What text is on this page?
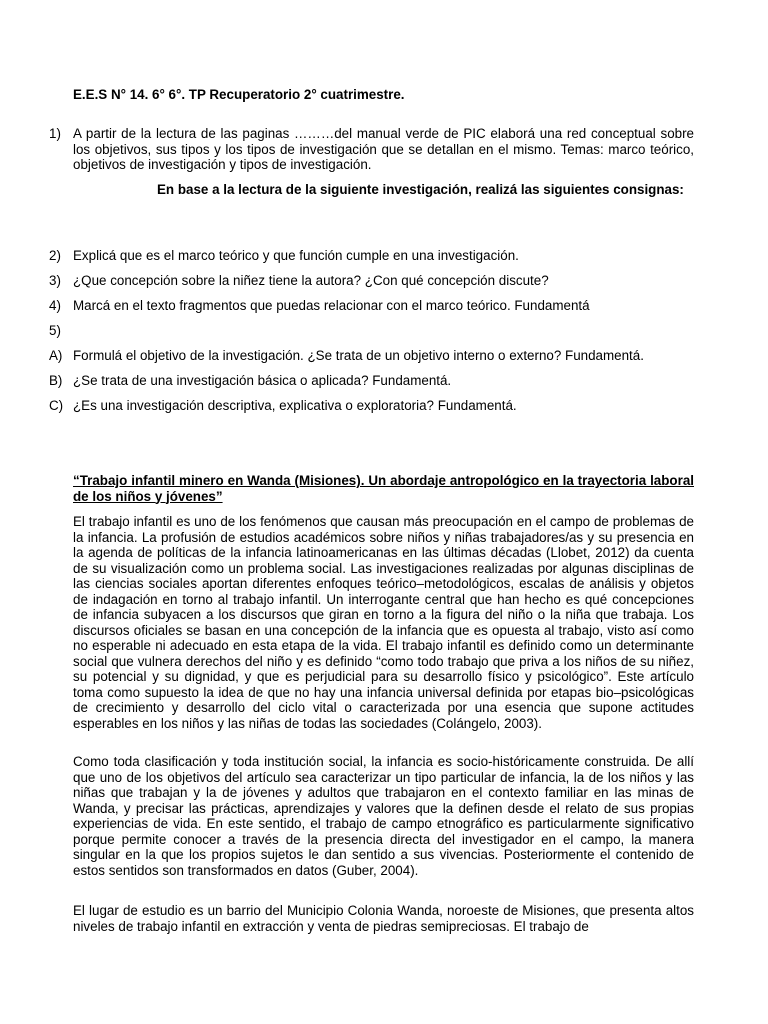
E.E.S N° 14. 6° 6°. TP Recuperatorio 2° cuatrimestre.
1) A partir de la lectura de las paginas ………del manual verde de PIC elaborá una red conceptual sobre los objetivos, sus tipos y los tipos de investigación que se detallan en el mismo. Temas: marco teórico, objetivos de investigación y tipos de investigación.
En base a la lectura de la siguiente investigación, realizá las siguientes consignas:
2) Explicá que es el marco teórico y que función cumple en una investigación.
3) ¿Que concepción sobre la niñez tiene la autora? ¿Con qué concepción discute?
4) Marcá en el texto fragmentos que puedas relacionar con el marco teórico. Fundamentá
5)
A) Formulá el objetivo de la investigación. ¿Se trata de un objetivo interno o externo? Fundamentá.
B) ¿Se trata de una investigación básica o aplicada? Fundamentá.
C) ¿Es una investigación descriptiva, explicativa o exploratoria? Fundamentá.
“Trabajo infantil minero en Wanda (Misiones). Un abordaje antropológico en la trayectoria laboral de los niños y jóvenes”
El trabajo infantil es uno de los fenómenos que causan más preocupación en el campo de problemas de la infancia. La profusión de estudios académicos sobre niños y niñas trabajadores/as y su presencia en la agenda de políticas de la infancia latinoamericanas en las últimas décadas (Llobet, 2012) da cuenta de su visualización como un problema social. Las investigaciones realizadas por algunas disciplinas de las ciencias sociales aportan diferentes enfoques teórico–metodológicos, escalas de análisis y objetos de indagación en torno al trabajo infantil. Un interrogante central que han hecho es qué concepciones de infancia subyacen a los discursos que giran en torno a la figura del niño o la niña que trabaja. Los discursos oficiales se basan en una concepción de la infancia que es opuesta al trabajo, visto así como no esperable ni adecuado en esta etapa de la vida. El trabajo infantil es definido como un determinante social que vulnera derechos del niño y es definido “como todo trabajo que priva a los niños de su niñez, su potencial y su dignidad, y que es perjudicial para su desarrollo físico y psicológico”. Este artículo toma como supuesto la idea de que no hay una infancia universal definida por etapas bio–psicológicas de crecimiento y desarrollo del ciclo vital o caracterizada por una esencia que supone actitudes esperables en los niños y las niñas de todas las sociedades (Colángelo, 2003).
Como toda clasificación y toda institución social, la infancia es socio-históricamente construida. De allí que uno de los objetivos del artículo sea caracterizar un tipo particular de infancia, la de los niños y las niñas que trabajan y la de jóvenes y adultos que trabajaron en el contexto familiar en las minas de Wanda, y precisar las prácticas, aprendizajes y valores que la definen desde el relato de sus propias experiencias de vida. En este sentido, el trabajo de campo etnográfico es particularmente significativo porque permite conocer a través de la presencia directa del investigador en el campo, la manera singular en la que los propios sujetos le dan sentido a sus vivencias. Posteriormente el contenido de estos sentidos son transformados en datos (Guber, 2004).
El lugar de estudio es un barrio del Municipio Colonia Wanda, noroeste de Misiones, que presenta altos niveles de trabajo infantil en extracción y venta de piedras semipreciosas. El trabajo de
